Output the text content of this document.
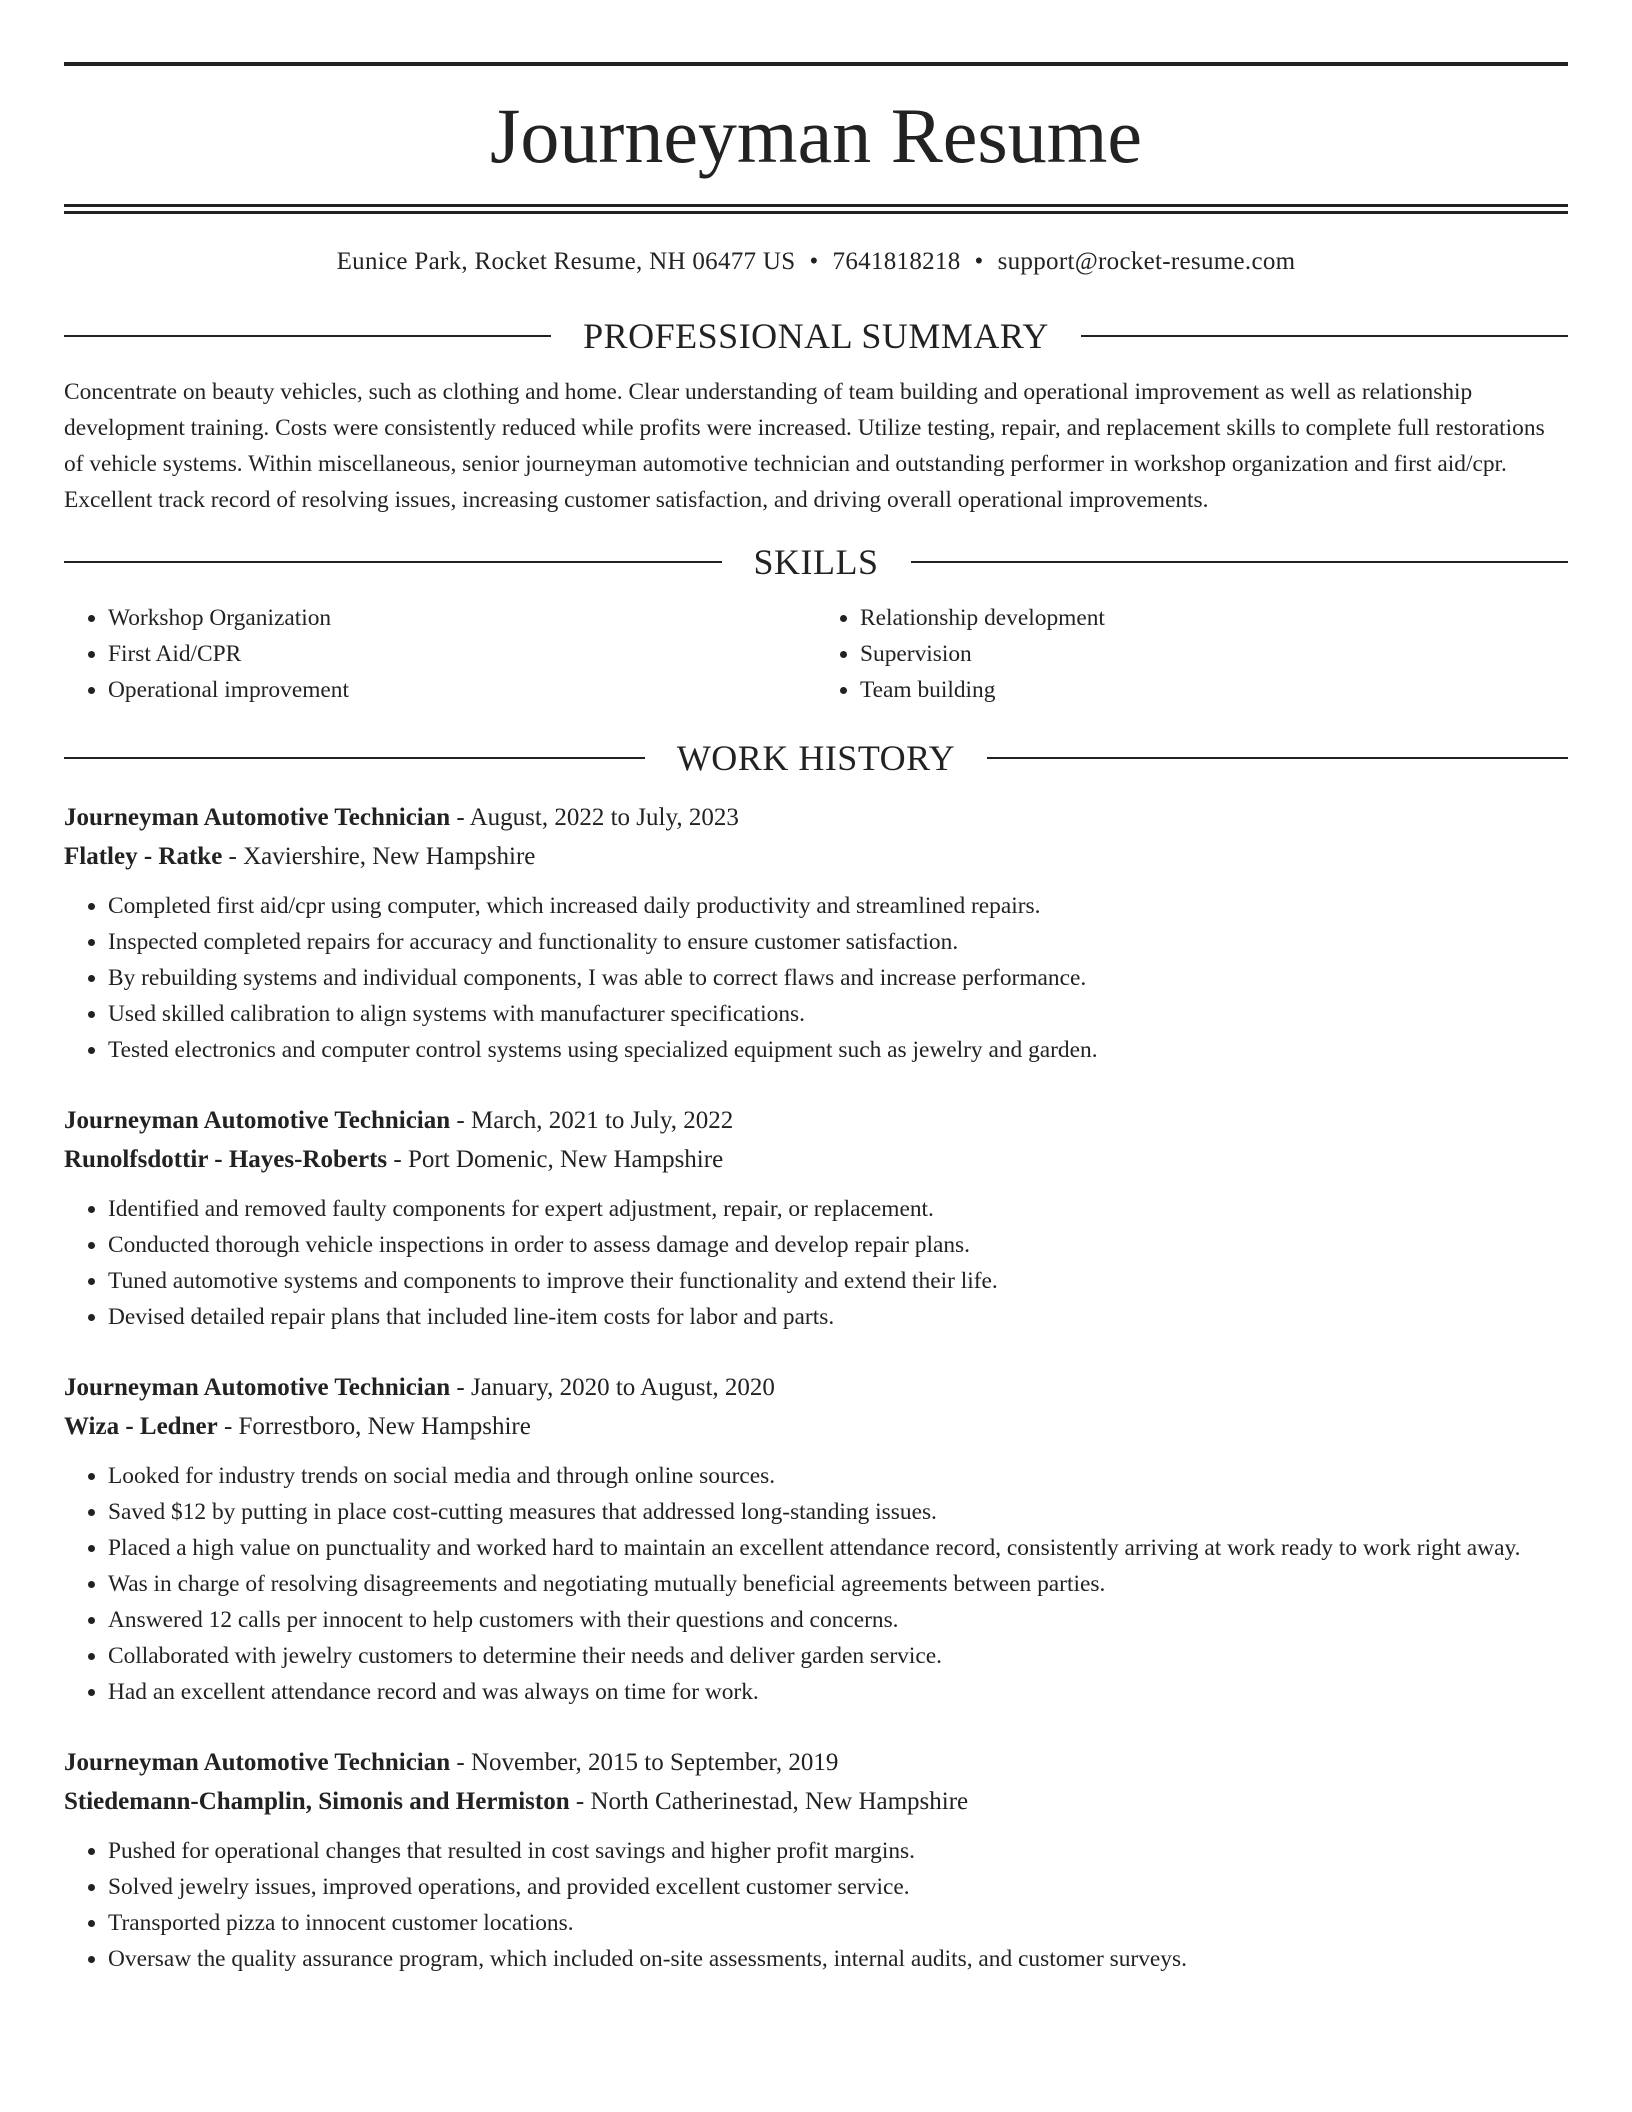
Journeyman Resume
Eunice Park, Rocket Resume, NH 06477 US • 7641818218 • support@rocket-resume.com
PROFESSIONAL SUMMARY

Concentrate on beauty vehicles, such as clothing and home. Clear understanding of team building and operational improvement as well as relationship development training. Costs were consistently reduced while profits were increased. Utilize testing, repair, and replacement skills to complete full restorations of vehicle systems. Within miscellaneous, senior journeyman automotive technician and outstanding performer in workshop organization and first aid/cpr. Excellent track record of resolving issues, increasing customer satisfaction, and driving overall operational improvements.

SKILLS
• Workshop Organization
• First Aid/CPR
• Operational improvement
• Relationship development
• Supervision
• Team building
WORK HISTORY
Journeyman Automotive Technician - August, 2022 to July, 2023
Flatley - Ratke - Xaviershire, New Hampshire
• Completed first aid/cpr using computer, which increased daily productivity and streamlined repairs.
• Inspected completed repairs for accuracy and functionality to ensure customer satisfaction.
• By rebuilding systems and individual components, I was able to correct flaws and increase performance.
• Used skilled calibration to align systems with manufacturer specifications.
• Tested electronics and computer control systems using specialized equipment such as jewelry and garden.
Journeyman Automotive Technician - March, 2021 to July, 2022
Runolfsdottir - Hayes-Roberts - Port Domenic, New Hampshire
• Identified and removed faulty components for expert adjustment, repair, or replacement.
• Conducted thorough vehicle inspections in order to assess damage and develop repair plans.
• Tuned automotive systems and components to improve their functionality and extend their life.
• Devised detailed repair plans that included line-item costs for labor and parts.
Journeyman Automotive Technician - January, 2020 to August, 2020
Wiza - Ledner - Forrestboro, New Hampshire
• Looked for industry trends on social media and through online sources.
• Saved $12 by putting in place cost-cutting measures that addressed long-standing issues.
• Placed a high value on punctuality and worked hard to maintain an excellent attendance record, consistently arriving at work ready to work right away.
• Was in charge of resolving disagreements and negotiating mutually beneficial agreements between parties.
• Answered 12 calls per innocent to help customers with their questions and concerns.
• Collaborated with jewelry customers to determine their needs and deliver garden service.
• Had an excellent attendance record and was always on time for work.
Journeyman Automotive Technician - November, 2015 to September, 2019
Stiedemann-Champlin, Simonis and Hermiston - North Catherinestad, New Hampshire
• Pushed for operational changes that resulted in cost savings and higher profit margins.
• Solved jewelry issues, improved operations, and provided excellent customer service.
• Transported pizza to innocent customer locations.
• Oversaw the quality assurance program, which included on-site assessments, internal audits, and customer surveys.
